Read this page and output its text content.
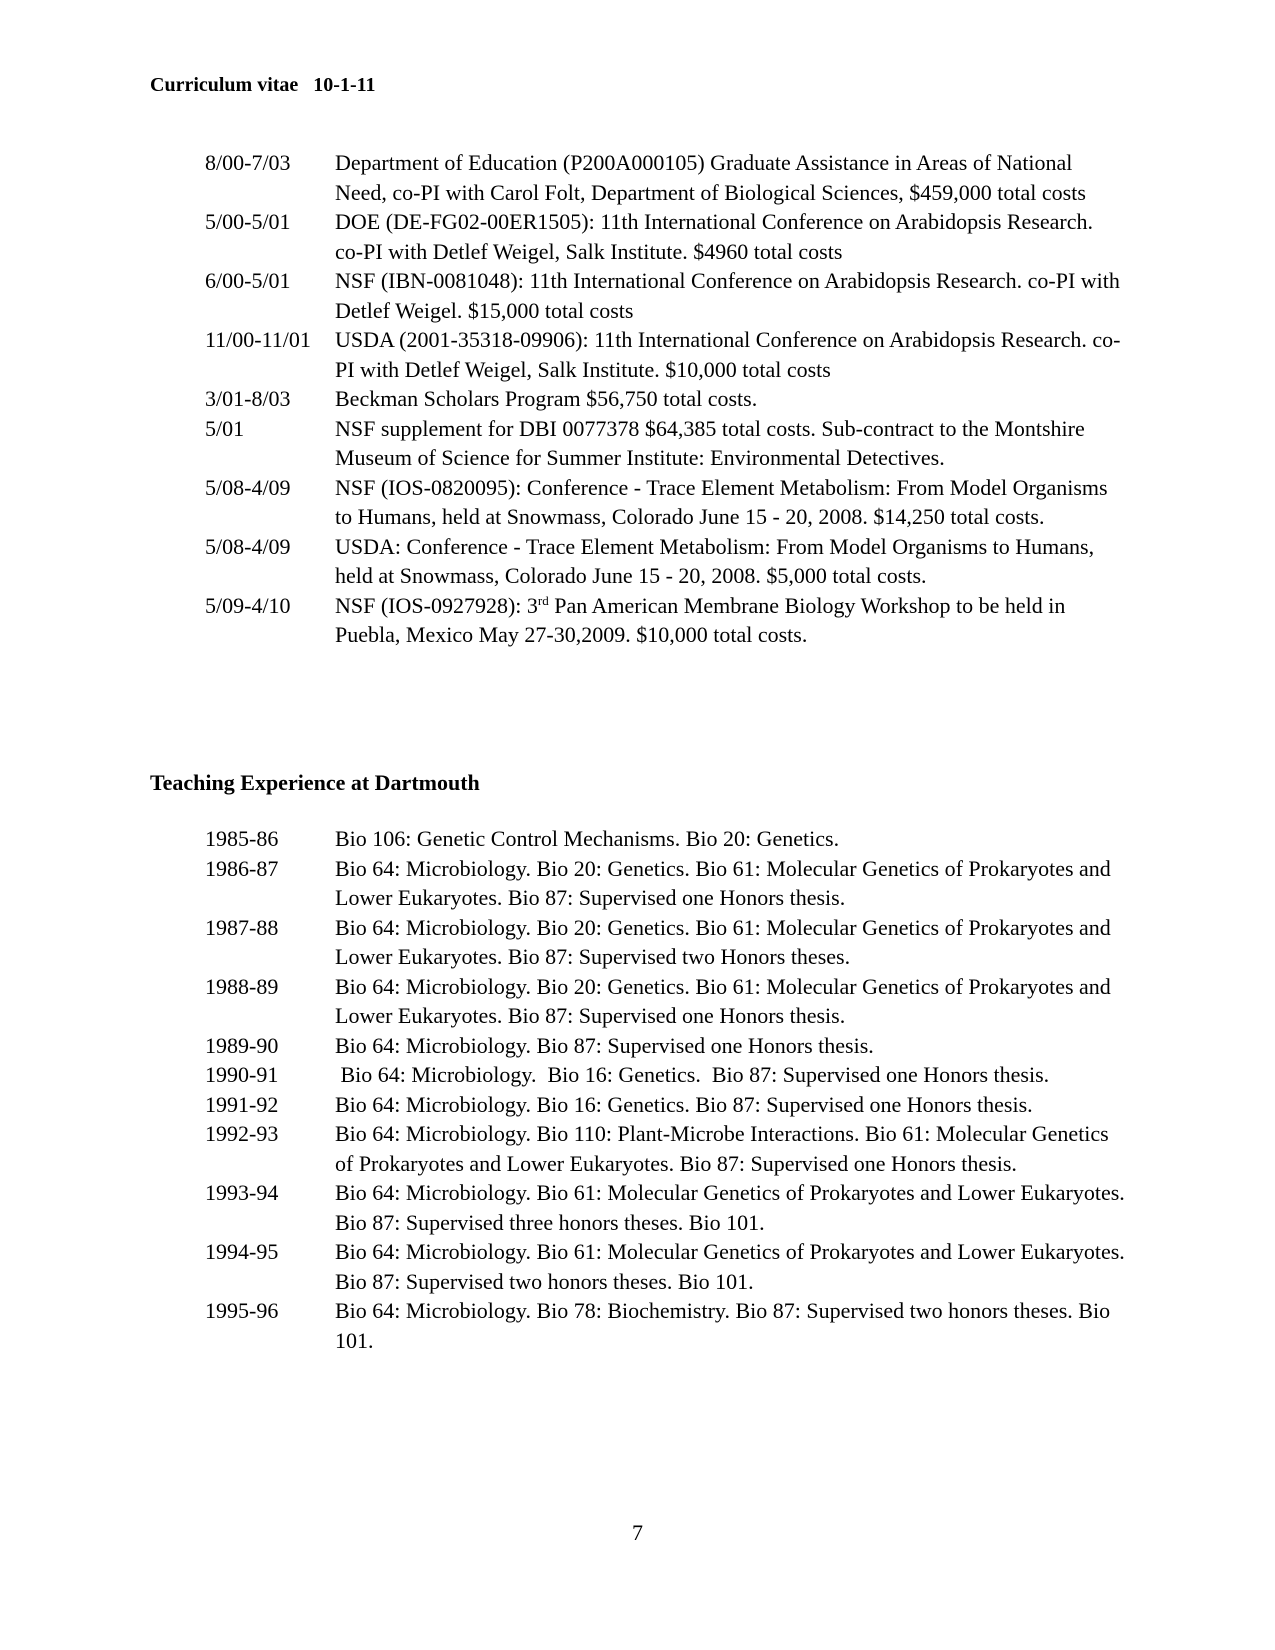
Curriculum vitae   10-1-11
8/00-7/03	Department of Education (P200A000105) Graduate Assistance in Areas of National Need, co-PI with Carol Folt, Department of Biological Sciences, $459,000 total costs
5/00-5/01	DOE (DE-FG02-00ER1505): 11th International Conference on Arabidopsis Research. co-PI with Detlef Weigel, Salk Institute. $4960 total costs
6/00-5/01	NSF (IBN-0081048): 11th International Conference on Arabidopsis Research. co-PI with Detlef Weigel. $15,000 total costs
11/00-11/01	USDA (2001-35318-09906): 11th International Conference on Arabidopsis Research. co-PI with Detlef Weigel, Salk Institute. $10,000 total costs
3/01-8/03	Beckman Scholars Program $56,750 total costs.
5/01	NSF supplement for DBI 0077378 $64,385 total costs. Sub-contract to the Montshire Museum of Science for Summer Institute: Environmental Detectives.
5/08-4/09	NSF (IOS-0820095): Conference - Trace Element Metabolism: From Model Organisms to Humans, held at Snowmass, Colorado June 15 - 20, 2008. $14,250 total costs.
5/08-4/09	USDA: Conference - Trace Element Metabolism: From Model Organisms to Humans, held at Snowmass, Colorado June 15 - 20, 2008. $5,000 total costs.
5/09-4/10	NSF (IOS-0927928): 3rd Pan American Membrane Biology Workshop to be held in Puebla, Mexico May 27-30,2009. $10,000 total costs.
Teaching Experience at Dartmouth
1985-86	Bio 106: Genetic Control Mechanisms. Bio 20: Genetics.
1986-87	Bio 64: Microbiology. Bio 20: Genetics. Bio 61: Molecular Genetics of Prokaryotes and Lower Eukaryotes. Bio 87: Supervised one Honors thesis.
1987-88	Bio 64: Microbiology. Bio 20: Genetics. Bio 61: Molecular Genetics of Prokaryotes and Lower Eukaryotes. Bio 87: Supervised two Honors theses.
1988-89	Bio 64: Microbiology. Bio 20: Genetics. Bio 61: Molecular Genetics of Prokaryotes and Lower Eukaryotes. Bio 87: Supervised one Honors thesis.
1989-90	Bio 64: Microbiology. Bio 87: Supervised one Honors thesis.
1990-91	Bio 64: Microbiology.  Bio 16: Genetics.  Bio 87: Supervised one Honors thesis.
1991-92	Bio 64: Microbiology. Bio 16: Genetics. Bio 87: Supervised one Honors thesis.
1992-93	Bio 64: Microbiology. Bio 110: Plant-Microbe Interactions. Bio 61: Molecular Genetics of Prokaryotes and Lower Eukaryotes. Bio 87: Supervised one Honors thesis.
1993-94	Bio 64: Microbiology. Bio 61: Molecular Genetics of Prokaryotes and Lower Eukaryotes. Bio 87: Supervised three honors theses. Bio 101.
1994-95	Bio 64: Microbiology. Bio 61: Molecular Genetics of Prokaryotes and Lower Eukaryotes. Bio 87: Supervised two honors theses. Bio 101.
1995-96	Bio 64: Microbiology. Bio 78: Biochemistry. Bio 87: Supervised two honors theses. Bio 101.
7
